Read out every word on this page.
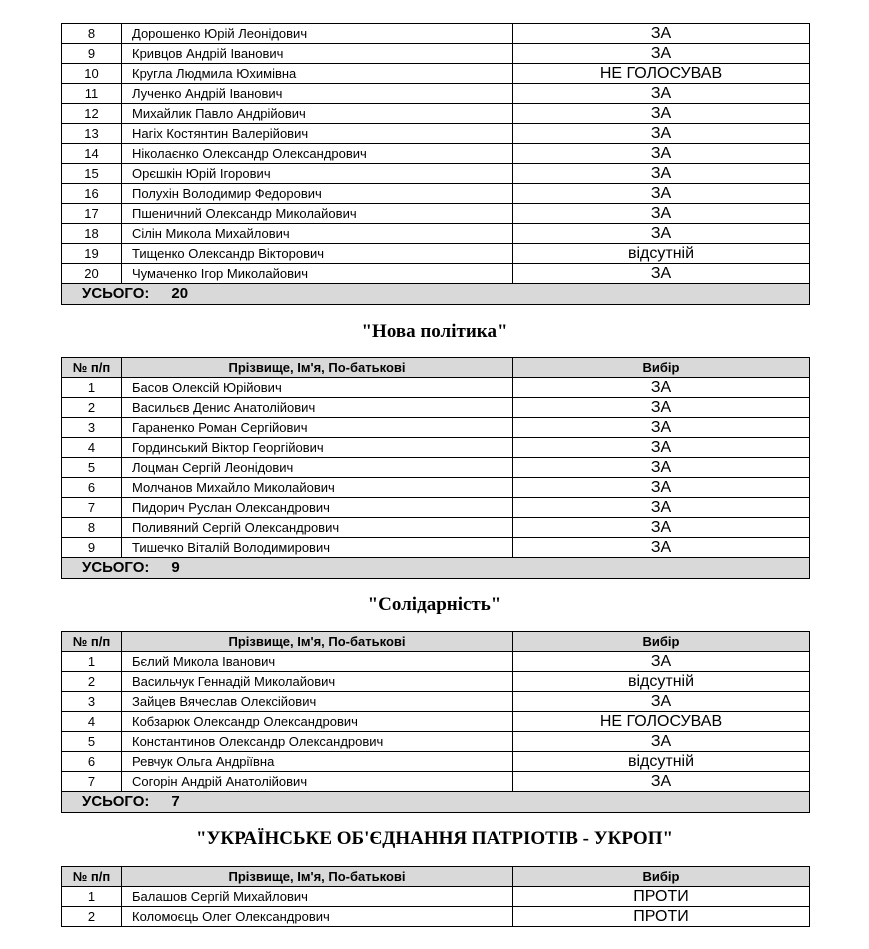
8	Дорошенко Юрій Леонідович	ЗА
9	Кривцов Андрій Іванович	ЗА
10	Кругла Людмила Юхимівна	НЕ ГОЛОСУВАВ
11	Лученко Андрій Іванович	ЗА
12	Михайлик Павло Андрійович	ЗА
13	Нагіх Костянтин Валерійович	ЗА
14	Ніколаєнко Олександр Олександрович	ЗА
15	Орєшкін Юрій Ігорович	ЗА
16	Полухін Володимир Федорович	ЗА
17	Пшеничний Олександр Миколайович	ЗА
18	Сілін Микола Михайлович	ЗА
19	Тищенко Олександр Вікторович	відсутній
20	Чумаченко Ігор Миколайович	ЗА
УСЬОГО: 20		
"Нова політика"
№ п/п	Прізвище, Ім'я, По-батькові	Вибір
1	Басов Олексій Юрійович	ЗА
2	Васильєв Денис Анатолійович	ЗА
3	Гараненко Роман Сергійович	ЗА
4	Гординський Віктор Георгійович	ЗА
5	Лоцман Сергій Леонідович	ЗА
6	Молчанов Михайло Миколайович	ЗА
7	Пидорич Руслан Олександрович	ЗА
8	Поливяний Сергій Олександрович	ЗА
9	Тишечко Віталій Володимирович	ЗА
УСЬОГО: 9		
"Солідарність"
№ п/п	Прізвище, Ім'я, По-батькові	Вибір
1	Бєлий Микола Іванович	ЗА
2	Васильчук Геннадій Миколайович	відсутній
3	Зайцев Вячеслав Олексійович	ЗА
4	Кобзарюк Олександр Олександрович	НЕ ГОЛОСУВАВ
5	Константинов Олександр Олександрович	ЗА
6	Ревчук Ольга Андріївна	відсутній
7	Согорін Андрій Анатолійович	ЗА
УСЬОГО: 7		
"УКРАЇНСЬКЕ ОБ'ЄДНАННЯ ПАТРІОТІВ - УКРОП"
№ п/п	Прізвище, Ім'я, По-батькові	Вибір
1	Балашов Сергій Михайлович	ПРОТИ
2	Коломоєць Олег Олександрович	ПРОТИ
